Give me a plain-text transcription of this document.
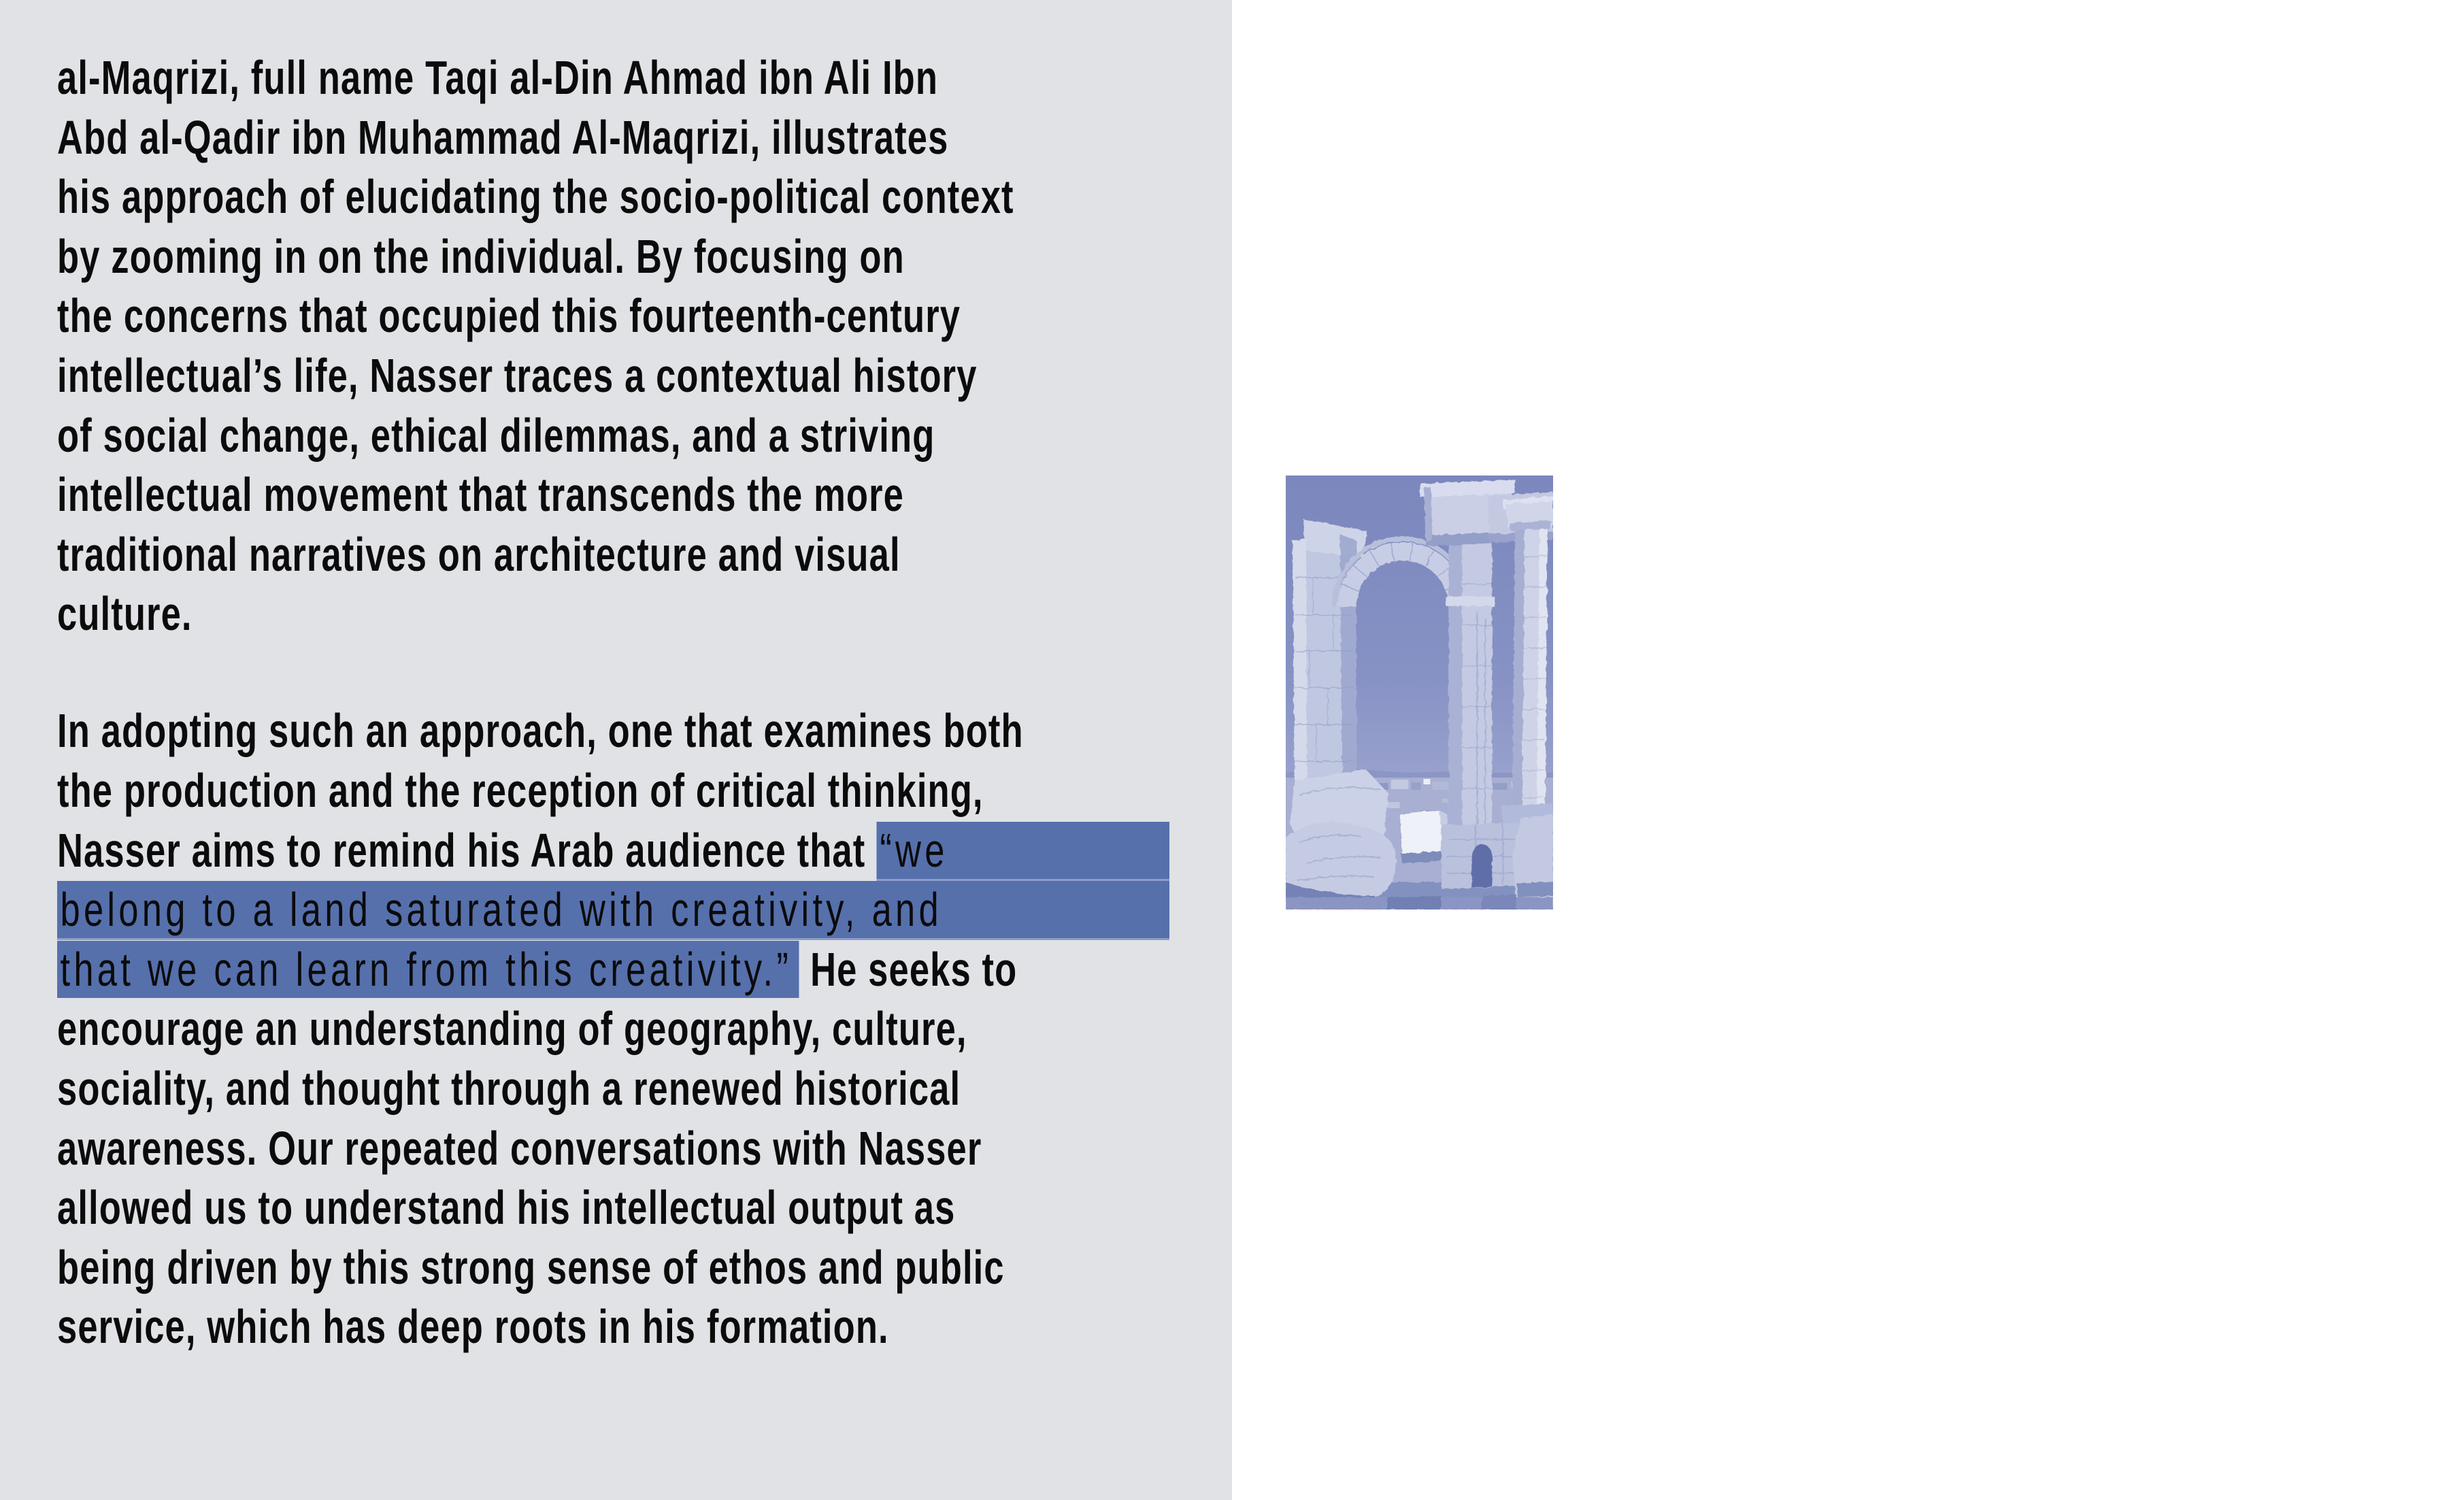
al-Maqrizi, full name Taqi al-Din Ahmad ibn Ali Ibn
Abd al-Qadir ibn Muhammad Al-Maqrizi, illustrates
his approach of elucidating the socio-political context
by zooming in on the individual. By focusing on
the concerns that occupied this fourteenth-century
intellectual’s life, Nasser traces a contextual history
of social change, ethical dilemmas, and a striving
intellectual movement that transcends the more
traditional narratives on architecture and visual
culture.
In adopting such an approach, one that examines both
the production and the reception of critical thinking,
Nasser aims to remind his Arab audience that “we
belong to a land saturated with creativity, and
that we can learn from this creativity.” He seeks to
encourage an understanding of geography, culture,
sociality, and thought through a renewed historical
awareness. Our repeated conversations with Nasser
allowed us to understand his intellectual output as
being driven by this strong sense of ethos and public
service, which has deep roots in his formation.
